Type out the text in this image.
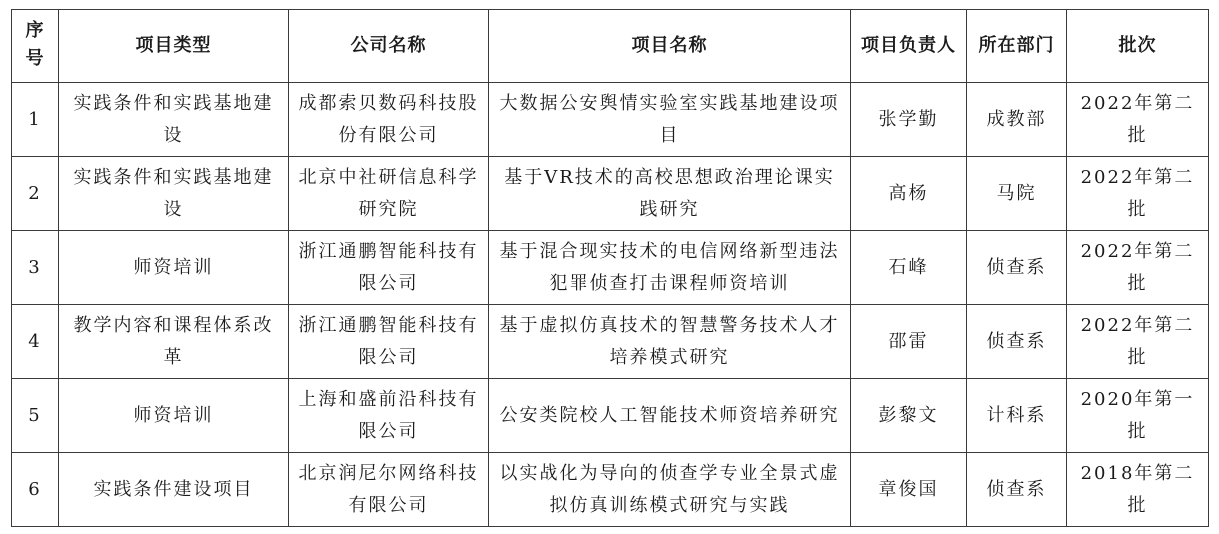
序号	项目类型	公司名称	项目名称	项目负责人	所在部门	批次
1	实践条件和实践基地建设	成都索贝数码科技股份有限公司	大数据公安舆情实验室实践基地建设项目	张学勤	成教部	2022年第二批
2	实践条件和实践基地建设	北京中社研信息科学研究院	基于VR技术的高校思想政治理论课实践研究	高杨	马院	2022年第二批
3	师资培训	浙江通鹏智能科技有限公司	基于混合现实技术的电信网络新型违法犯罪侦查打击课程师资培训	石峰	侦查系	2022年第二批
4	教学内容和课程体系改革	浙江通鹏智能科技有限公司	基于虚拟仿真技术的智慧警务技术人才培养模式研究	邵雷	侦查系	2022年第二批
5	师资培训	上海和盛前沿科技有限公司	公安类院校人工智能技术师资培养研究	彭黎文	计科系	2020年第一批
6	实践条件建设项目	北京润尼尔网络科技有限公司	以实战化为导向的侦查学专业全景式虚拟仿真训练模式研究与实践	章俊国	侦查系	2018年第二批
